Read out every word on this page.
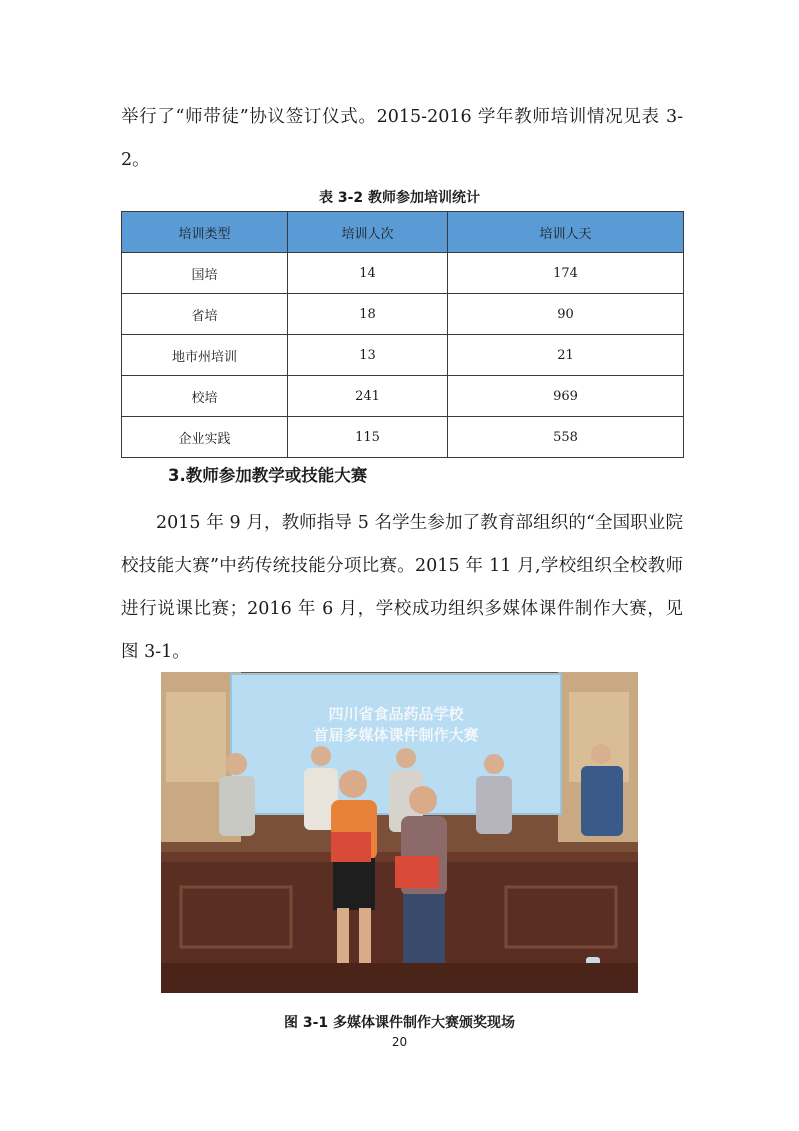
举行了“师带徒”协议签订仪式。2015-2016 学年教师培训情况见表 3-2。

表 3-2 教师参加培训统计

培训类型	培训人次	培训人天
国培	14	174
省培	18	90
地市州培训	13	21
校培	241	969
企业实践	115	558

3.教师参加教学或技能大赛

2015 年 9 月，教师指导 5 名学生参加了教育部组织的“全国职业院校技能大赛”中药传统技能分项比赛。2015 年 11 月,学校组织全校教师进行说课比赛；2016 年 6 月，学校成功组织多媒体课件制作大赛，见图 3-1。

四川省食品药品学校
首届多媒体课件制作大赛

图 3-1 多媒体课件制作大赛颁奖现场

20
